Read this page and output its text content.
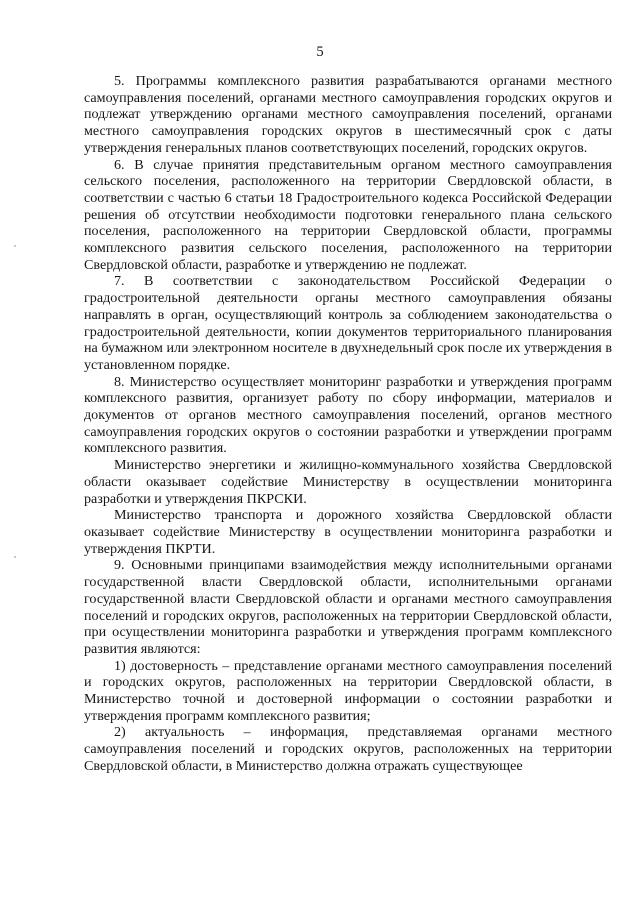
5

5. Программы комплексного развития разрабатываются органами местного самоуправления поселений, органами местного самоуправления городских округов и подлежат утверждению органами местного самоуправления поселений, органами местного самоуправления городских округов в шестимесячный срок с даты утверждения генеральных планов соответствующих поселений, городских округов.

6. В случае принятия представительным органом местного самоуправления сельского поселения, расположенного на территории Свердловской области, в соответствии с частью 6 статьи 18 Градостроительного кодекса Российской Федерации решения об отсутствии необходимости подготовки генерального плана сельского поселения, расположенного на территории Свердловской области, программы комплексного развития сельского поселения, расположенного на территории Свердловской области, разработке и утверждению не подлежат.

7. В соответствии с законодательством Российской Федерации о градостроительной деятельности органы местного самоуправления обязаны направлять в орган, осуществляющий контроль за соблюдением законодательства о градостроительной деятельности, копии документов территориального планирования на бумажном или электронном носителе в двухнедельный срок после их утверждения в установленном порядке.

8. Министерство осуществляет мониторинг разработки и утверждения программ комплексного развития, организует работу по сбору информации, материалов и документов от органов местного самоуправления поселений, органов местного самоуправления городских округов о состоянии разработки и утверждении программ комплексного развития.

Министерство энергетики и жилищно-коммунального хозяйства Свердловской области оказывает содействие Министерству в осуществлении мониторинга разработки и утверждения ПКРСКИ.

Министерство транспорта и дорожного хозяйства Свердловской области оказывает содействие Министерству в осуществлении мониторинга разработки и утверждения ПКРТИ.

9. Основными принципами взаимодействия между исполнительными органами государственной власти Свердловской области, исполнительными органами государственной власти Свердловской области и органами местного самоуправления поселений и городских округов, расположенных на территории Свердловской области, при осуществлении мониторинга разработки и утверждения программ комплексного развития являются:

1) достоверность – представление органами местного самоуправления поселений и городских округов, расположенных на территории Свердловской области, в Министерство точной и достоверной информации о состоянии разработки и утверждения программ комплексного развития;

2) актуальность – информация, представляемая органами местного самоуправления поселений и городских округов, расположенных на территории Свердловской области, в Министерство должна отражать существующее
